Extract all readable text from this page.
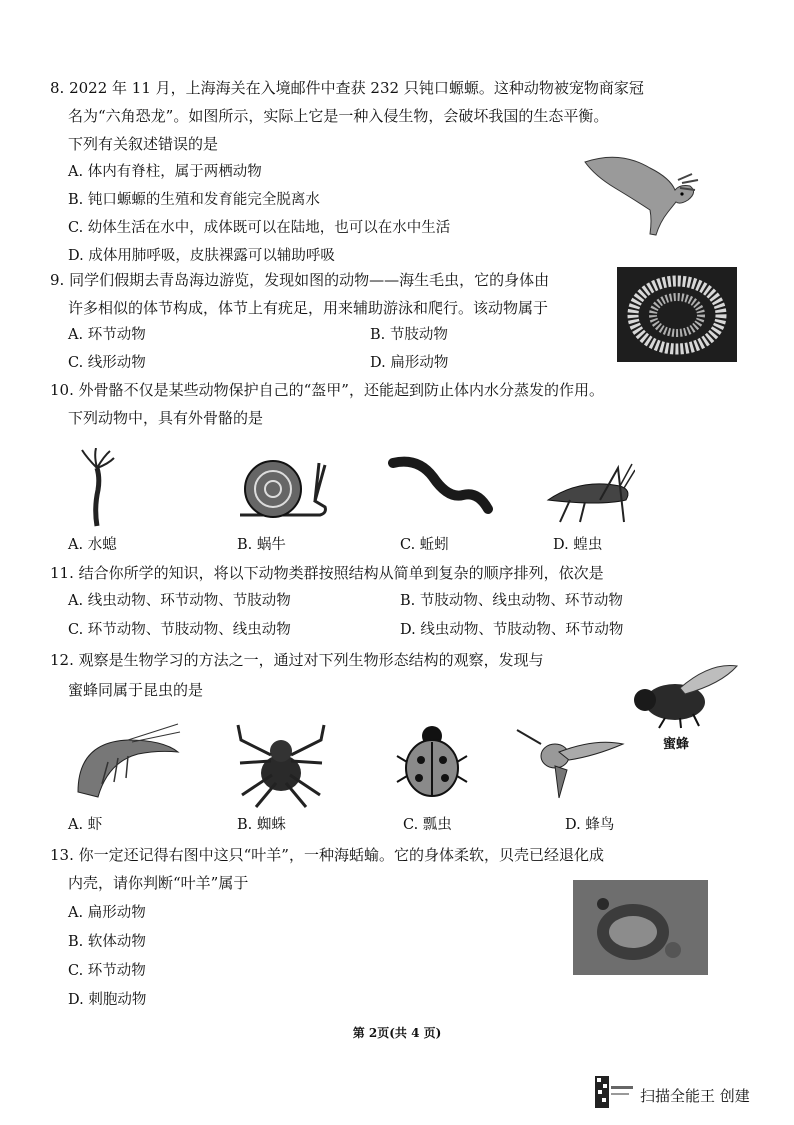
8. 2022 年 11 月，上海海关在入境邮件中查获 232 只钝口螈螈。这种动物被宠物商家冠
名为“六角恐龙”。如图所示，实际上它是一种入侵生物，会破坏我国的生态平衡。
下列有关叙述错误的是
A. 体内有脊柱，属于两栖动物
B. 钝口螈螈的生殖和发育能完全脱离水
C. 幼体生活在水中，成体既可以在陆地，也可以在水中生活
D. 成体用肺呼吸，皮肤裸露可以辅助呼吸
9. 同学们假期去青岛海边游览，发现如图的动物——海生毛虫，它的身体由
许多相似的体节构成，体节上有疣足，用来辅助游泳和爬行。该动物属于
A. 环节动物	B. 节肢动物
C. 线形动物	D. 扁形动物
10. 外骨骼不仅是某些动物保护自己的“盔甲”，还能起到防止体内水分蒸发的作用。
下列动物中，具有外骨骼的是
A. 水螅	B. 蜗牛	C. 蚯蚓	D. 蝗虫
11. 结合你所学的知识，将以下动物类群按照结构从简单到复杂的顺序排列，依次是
A. 线虫动物、环节动物、节肢动物	B. 节肢动物、线虫动物、环节动物
C. 环节动物、节肢动物、线虫动物	D. 线虫动物、节肢动物、环节动物
12. 观察是生物学习的方法之一，通过对下列生物形态结构的观察，发现与
蜜蜂同属于昆虫的是
蜜蜂
A. 虾	B. 蜘蛛	C. 瓢虫	D. 蜂鸟
13. 你一定还记得右图中这只“叶羊”，一种海蛞蝓。它的身体柔软，贝壳已经退化成
内壳，请你判断“叶羊”属于
A. 扁形动物
B. 软体动物
C. 环节动物
D. 刺胞动物
第 2页(共 4 页)
扫描全能王 创建
